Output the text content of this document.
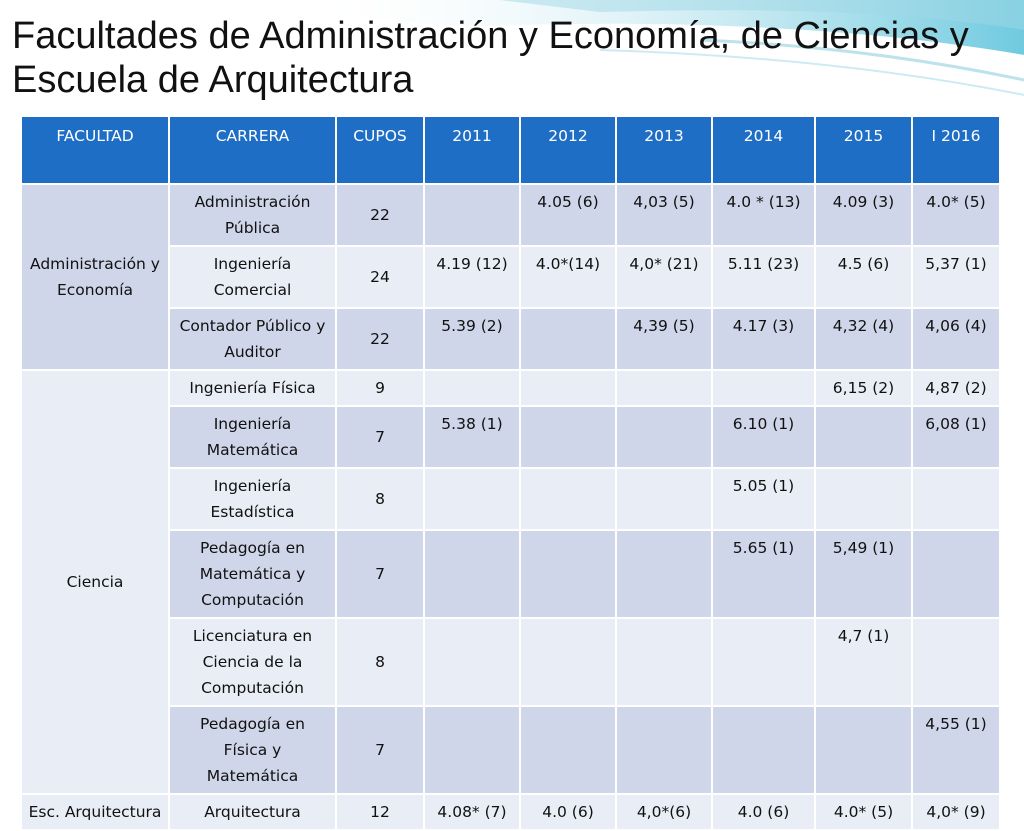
Facultades de Administración y Economía, de Ciencias y Escuela de Arquitectura
FACULTAD	CARRERA	CUPOS	2011	2012	2013	2014	2015	I 2016
Administración y Economía	Administración Pública	22		4.05 (6)	4,03 (5)	4.0 * (13)	4.09 (3)	4.0* (5)
	Ingeniería Comercial	24	4.19 (12)	4.0*(14)	4,0* (21)	5.11 (23)	4.5 (6)	5,37 (1)
	Contador Público y Auditor	22	5.39 (2)		4,39 (5)	4.17 (3)	4,32 (4)	4,06 (4)
Ciencia	Ingeniería Física	9					6,15 (2)	4,87 (2)
	Ingeniería Matemática	7	5.38 (1)			6.10 (1)		6,08 (1)
	Ingeniería Estadística	8				5.05 (1)		
	Pedagogía en Matemática y Computación	7				5.65 (1)	5,49 (1)	
	Licenciatura en Ciencia de la Computación	8					4,7 (1)	
	Pedagogía en Física y Matemática	7						4,55 (1)
Esc. Arquitectura	Arquitectura	12	4.08* (7)	4.0 (6)	4,0*(6)	4.0 (6)	4.0* (5)	4,0* (9)
